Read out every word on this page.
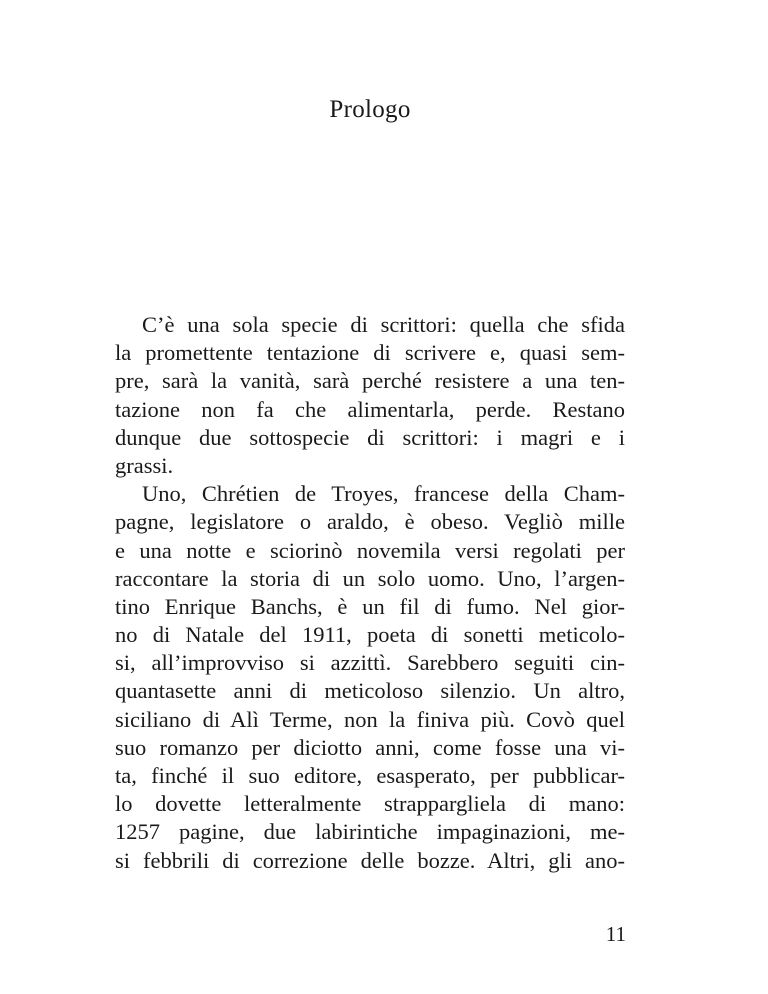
Prologo
C’è una sola specie di scrittori: quella che sfida
la promettente tentazione di scrivere e, quasi sem-
pre, sarà la vanità, sarà perché resistere a una ten-
tazione non fa che alimentarla, perde. Restano
dunque due sottospecie di scrittori: i magri e i
grassi.
Uno, Chrétien de Troyes, francese della Cham-
pagne, legislatore o araldo, è obeso. Vegliò mille
e una notte e sciorinò novemila versi regolati per
raccontare la storia di un solo uomo. Uno, l’argen-
tino Enrique Banchs, è un fil di fumo. Nel gior-
no di Natale del 1911, poeta di sonetti meticolo-
si, all’improvviso si azzittì. Sarebbero seguiti cin-
quantasette anni di meticoloso silenzio. Un altro,
siciliano di Alì Terme, non la finiva più. Covò quel
suo romanzo per diciotto anni, come fosse una vi-
ta, finché il suo editore, esasperato, per pubblicar-
lo dovette letteralmente strappargliela di mano:
1257 pagine, due labirintiche impaginazioni, me-
si febbrili di correzione delle bozze. Altri, gli ano-

11
